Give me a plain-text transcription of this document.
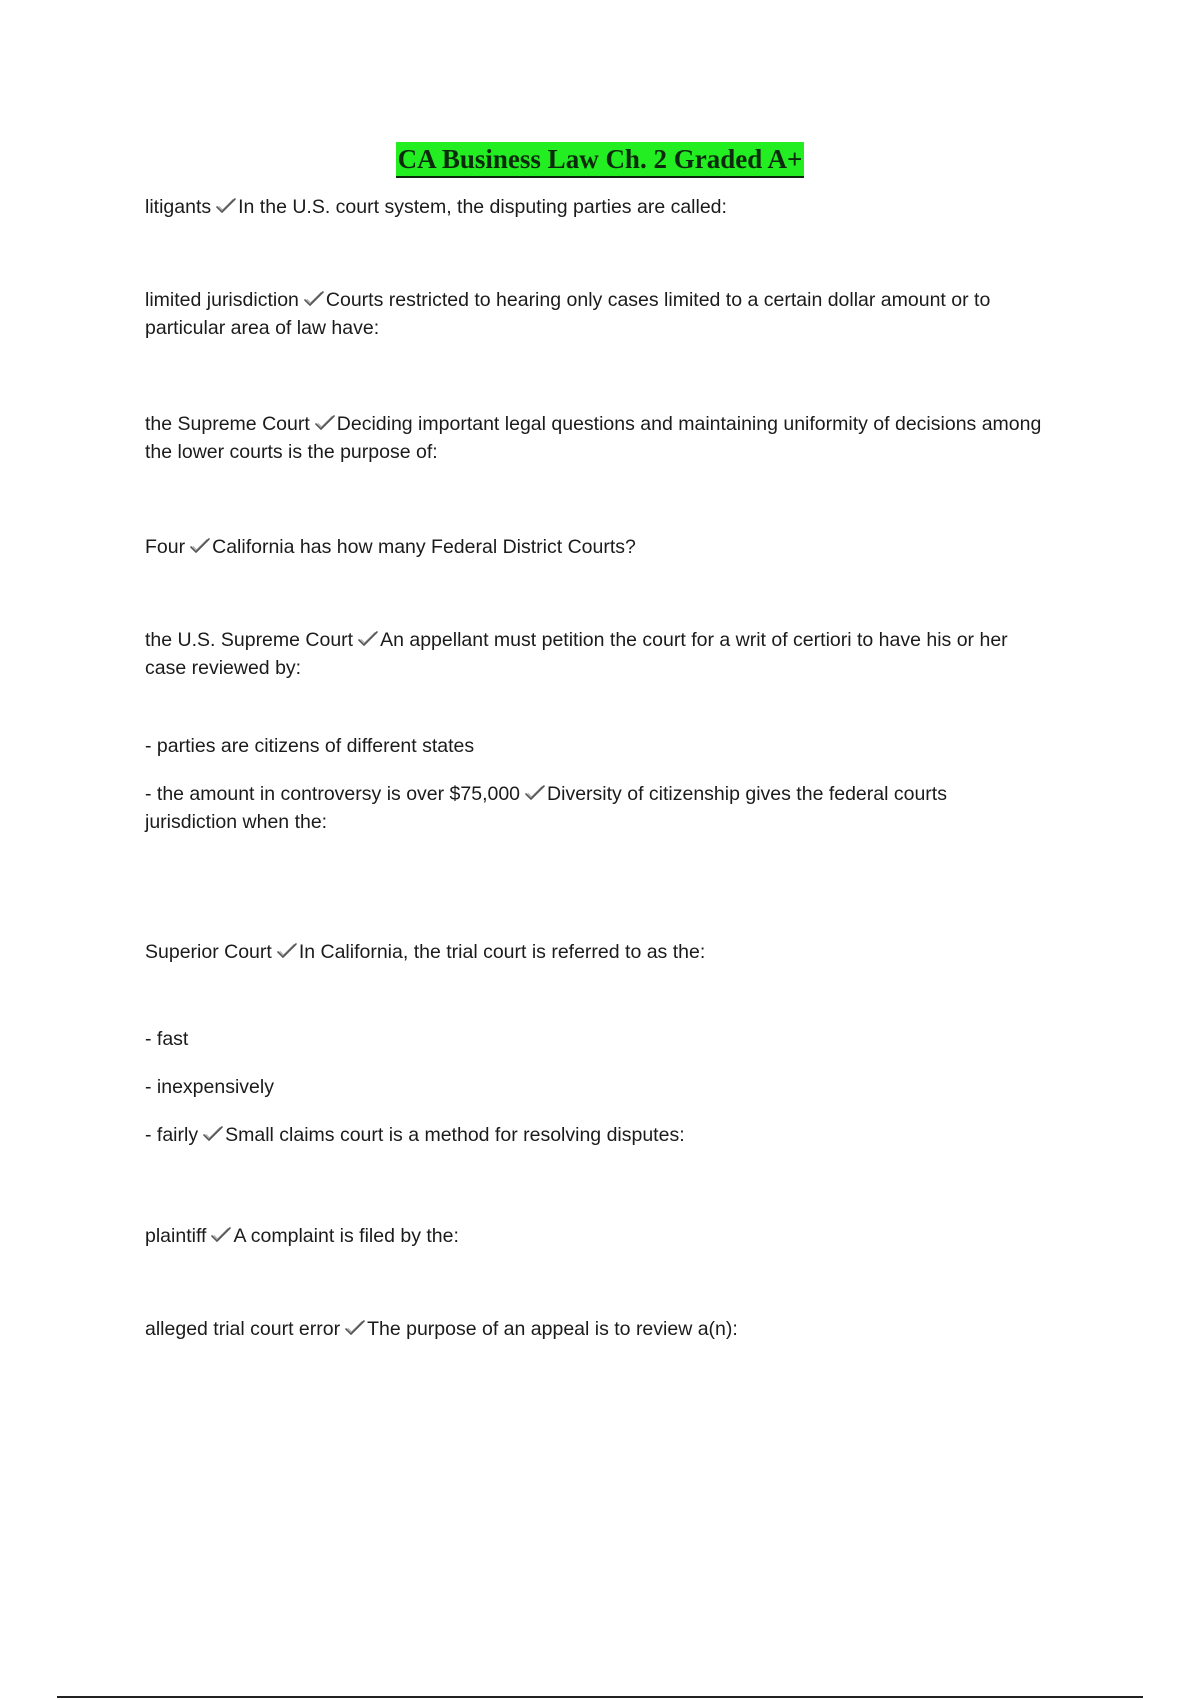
CA Business Law Ch. 2 Graded A+
litigants In the U.S. court system, the disputing parties are called:
limited jurisdiction Courts restricted to hearing only cases limited to a certain dollar amount or to
particular area of law have:
the Supreme Court Deciding important legal questions and maintaining uniformity of decisions among
the lower courts is the purpose of:
Four California has how many Federal District Courts?
the U.S. Supreme Court An appellant must petition the court for a writ of certiori to have his or her
case reviewed by:
- parties are citizens of different states
- the amount in controversy is over $75,000 Diversity of citizenship gives the federal courts
jurisdiction when the:
Superior Court In California, the trial court is referred to as the:
- fast
- inexpensively
- fairly Small claims court is a method for resolving disputes:
plaintiff A complaint is filed by the:
alleged trial court error The purpose of an appeal is to review a(n):
